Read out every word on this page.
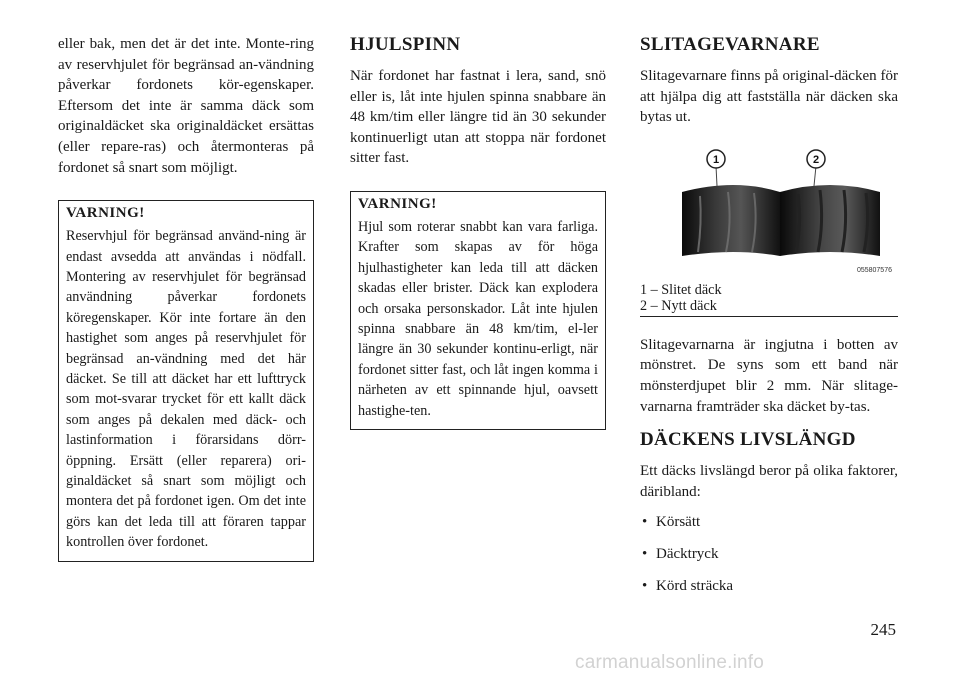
eller bak, men det är det inte. Monte-ring av reservhjulet för begränsad an-vändning påverkar fordonets kör-egenskaper. Eftersom det inte är samma däck som originaldäcket ska originaldäcket ersättas (eller repare-ras) och återmonteras på fordonet så snart som möjligt.

VARNING!

Reservhjul för begränsad använd-ning är endast avsedda att användas i nödfall. Montering av reservhjulet för begränsad användning påverkar fordonets köregenskaper. Kör inte fortare än den hastighet som anges på reservhjulet för begränsad an-vändning med det här däcket. Se till att däcket har ett lufttryck som mot-svarar trycket för ett kallt däck som anges på dekalen med däck- och lastinformation i förarsidans dörr-öppning. Ersätt (eller reparera) ori-ginaldäcket så snart som möjligt och montera det på fordonet igen. Om det inte görs kan det leda till att föraren tappar kontrollen över fordonet.

HJULSPINN

När fordonet har fastnat i lera, sand, snö eller is, låt inte hjulen spinna snabbare än 48 km/tim eller längre tid än 30 sekunder kontinuerligt utan att stoppa när fordonet sitter fast.

VARNING!

Hjul som roterar snabbt kan vara farliga. Krafter som skapas av för höga hjulhastigheter kan leda till att däcken skadas eller brister. Däck kan explodera och orsaka personskador. Låt inte hjulen spinna snabbare än 48 km/tim, el-ler längre än 30 sekunder kontinu-erligt, när fordonet sitter fast, och låt ingen komma i närheten av ett spinnande hjul, oavsett hastighe-ten.

SLITAGEVARNARE

Slitagevarnare finns på original-däcken för att hjälpa dig att fastställa när däcken ska bytas ut.

1	2
055807576
1 – Slitet däck
2 – Nytt däck

Slitagevarnarna är ingjutna i botten av mönstret. De syns som ett band när mönsterdjupet blir 2 mm. När slitage-varnarna framträder ska däcket by-tas.

DÄCKENS LIVSLÄNGD

Ett däcks livslängd beror på olika faktorer, däribland:

• Körsätt
• Däcktryck
• Körd sträcka
245
carmanualsonline.info
